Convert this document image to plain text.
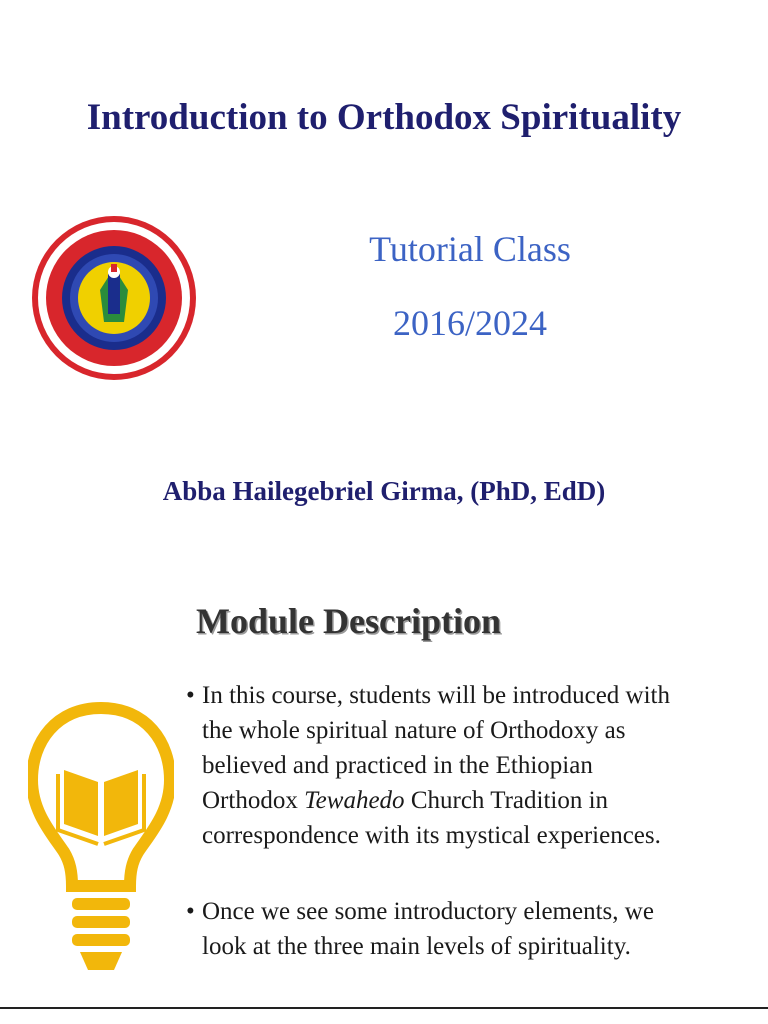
Introduction to Orthodox Spirituality
Tutorial Class
2016/2024
Abba Hailegebriel Girma, (PhD, EdD)
Module Description
• In this course, students will be introduced with
the whole spiritual nature of Orthodoxy as
believed and practiced in the Ethiopian
Orthodox Tewahedo Church Tradition in
correspondence with its mystical experiences.
• Once we see some introductory elements, we
look at the three main levels of spirituality.
